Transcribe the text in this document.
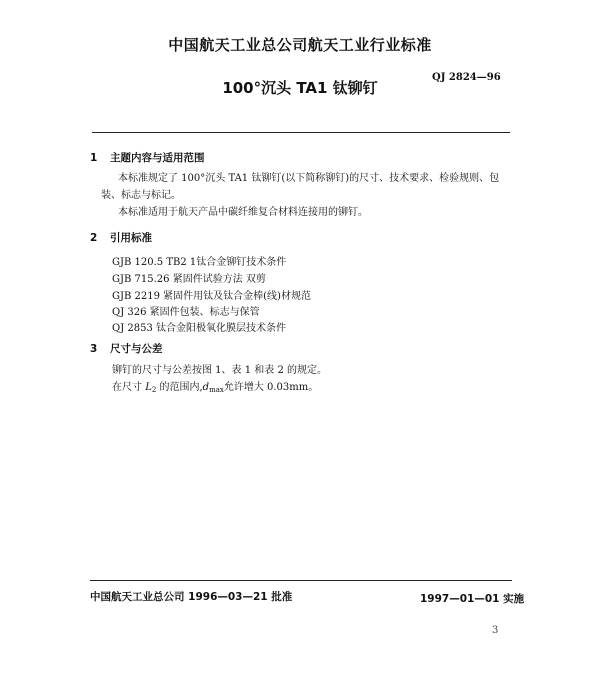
中国航天工业总公司航天工业行业标准
100°沉头 TA1 钛铆钉
QJ 2824—96
1 主题内容与适用范围
本标准规定了 100°沉头 TA1 钛铆钉(以下简称铆钉)的尺寸、技术要求、检验规则、包
装、标志与标记。
本标准适用于航天产品中碳纤维复合材料连接用的铆钉。
2 引用标准
GJB 120.5 TB2 1钛合金铆钉技术条件
GJB 715.26 紧固件试验方法 双剪
GJB 2219 紧固件用钛及钛合金棒(线)材规范
QJ 326 紧固件包装、标志与保管
QJ 2853 钛合金阳极氧化膜层技术条件
3 尺寸与公差
铆钉的尺寸与公差按图 1、表 1 和表 2 的规定。
在尺寸 $L_2$ 的范围内$,d_{max}$允许增大 0.03mm。
中国航天工业总公司 1996—03—21 批准	1997—01—01 实施
3
